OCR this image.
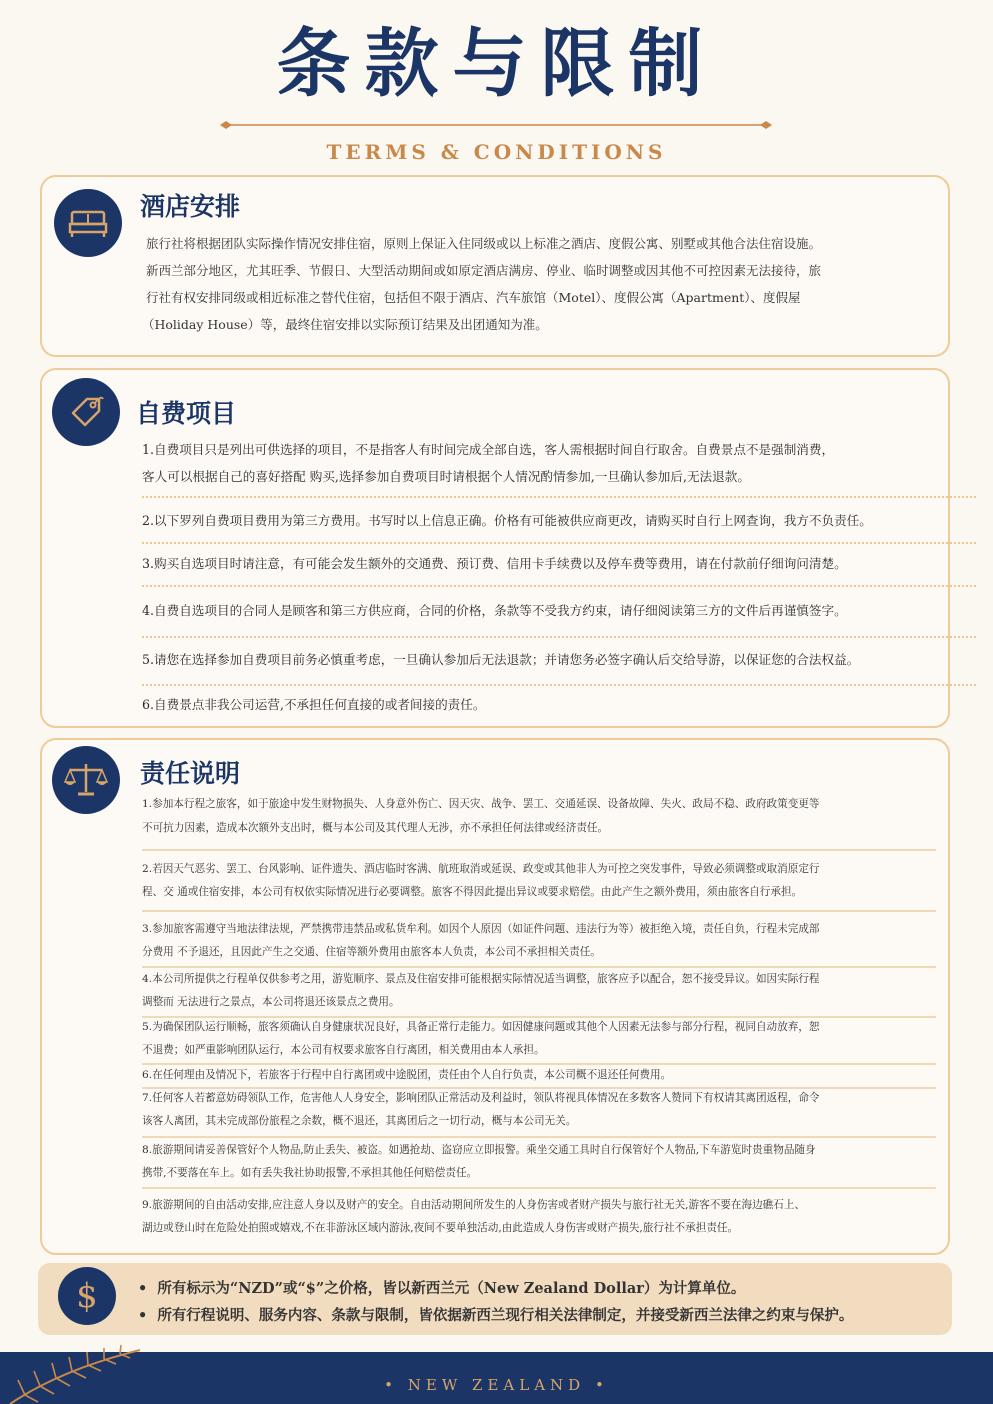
条款与限制
TERMS & CONDITIONS
酒店安排
旅行社将根据团队实际操作情况安排住宿，原则上保证入住同级或以上标准之酒店、度假公寓、别墅或其他合法住宿设施。
新西兰部分地区，尤其旺季、节假日、大型活动期间或如原定酒店满房、停业、临时调整或因其他不可控因素无法接待，旅
行社有权安排同级或相近标准之替代住宿，包括但不限于酒店、汽车旅馆（Motel）、度假公寓（Apartment）、度假屋
（Holiday House）等，最终住宿安排以实际预订结果及出团通知为准。
自费项目
1.自费项目只是列出可供选择的项目，不是指客人有时间完成全部自选，客人需根据时间自行取舍。自费景点不是强制消费，
客人可以根据自己的喜好搭配 购买,选择参加自费项目时请根据个人情况酌情参加,一旦确认参加后,无法退款。
2.以下罗列自费项目费用为第三方费用。书写时以上信息正确。价格有可能被供应商更改，请购买时自行上网查询，我方不负责任。
3.购买自选项目时请注意，有可能会发生额外的交通费、预订费、信用卡手续费以及停车费等费用，请在付款前仔细询问清楚。
4.自费自选项目的合同人是顾客和第三方供应商，合同的价格，条款等不受我方约束，请仔细阅读第三方的文件后再谨慎签字。
5.请您在选择参加自费项目前务必慎重考虑，一旦确认参加后无法退款；并请您务必签字确认后交给导游，以保证您的合法权益。
6.自费景点非我公司运营,不承担任何直接的或者间接的责任。
责任说明
1.参加本行程之旅客，如于旅途中发生财物损失、人身意外伤亡、因天灾、战争、罢工、交通延误、设备故障、失火、政局不稳、政府政策变更等
不可抗力因素，造成本次额外支出时，概与本公司及其代理人无涉，亦不承担任何法律或经济责任。
2.若因天气恶劣、罢工、台风影响、证件遗失、酒店临时客满、航班取消或延误、政变或其他非人为可控之突发事件，导致必须调整或取消原定行
程、交 通或住宿安排，本公司有权依实际情况进行必要调整。旅客不得因此提出异议或要求赔偿。由此产生之额外费用，须由旅客自行承担。
3.参加旅客需遵守当地法律法规，严禁携带违禁品或私货牟利。如因个人原因（如证件问题、违法行为等）被拒绝入境，责任自负，行程未完成部
分费用 不予退还，且因此产生之交通、住宿等额外费用由旅客本人负责，本公司不承担相关责任。
4.本公司所提供之行程单仅供参考之用，游览顺序、景点及住宿安排可能根据实际情况适当调整，旅客应予以配合，恕不接受异议。如因实际行程
调整而 无法进行之景点，本公司将退还该景点之费用。
5.为确保团队运行顺畅，旅客须确认自身健康状况良好，具备正常行走能力。如因健康问题或其他个人因素无法参与部分行程，视同自动放弃，恕
不退费；如严重影响团队运行，本公司有权要求旅客自行离团，相关费用由本人承担。
6.在任何理由及情况下，若旅客于行程中自行离团或中途脱团，责任由个人自行负责，本公司概不退还任何费用。
7.任何客人若蓄意妨碍领队工作，危害他人人身安全，影响团队正常活动及利益时，领队将视具体情况在多数客人赞同下有权请其离团返程，命令
该客人离团，其未完成部份旅程之余数，概不退还，其离团后之一切行动，概与本公司无关。
8.旅游期间请妥善保管好个人物品,防止丢失、被盗。如遇抢劫、盗窃应立即报警。乘坐交通工具时自行保管好个人物品,下车游览时贵重物品随身
携带,不要落在车上。如有丢失我社协助报警,不承担其他任何赔偿责任。
9.旅游期间的自由活动安排,应注意人身以及财产的安全。自由活动期间所发生的人身伤害或者财产损失与旅行社无关,游客不要在海边礁石上、
湖边或登山时在危险处拍照或嬉戏,不在非游泳区域内游泳,夜间不要单独活动,由此造成人身伤害或财产损失,旅行社不承担责任。
$	•  所有标示为“NZD”或“$”之价格，皆以新西兰元（New Zealand Dollar）为计算单位。
•  所有行程说明、服务内容、条款与限制，皆依据新西兰现行相关法律制定，并接受新西兰法律之约束与保护。
• NEW ZEALAND •
